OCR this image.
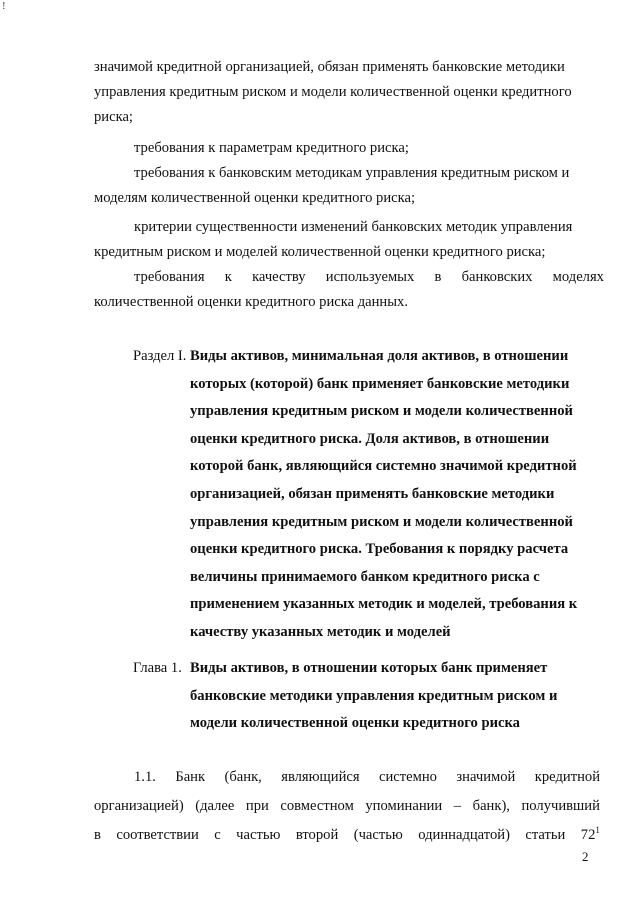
!
значимой кредитной организацией, обязан применять банковские методики
управления кредитным риском и модели количественной оценки кредитного
риска;
требования к параметрам кредитного риска;
требования к банковским методикам управления кредитным риском и
моделям количественной оценки кредитного риска;
критерии существенности изменений банковских методик управления
кредитным риском и моделей количественной оценки кредитного риска;
требования к качеству используемых в банковских моделях
количественной оценки кредитного риска данных.
Раздел I. Виды активов, минимальная доля активов, в отношении
которых (которой) банк применяет банковские методики
управления кредитным риском и модели количественной
оценки кредитного риска. Доля активов, в отношении
которой банк, являющийся системно значимой кредитной
организацией, обязан применять банковские методики
управления кредитным риском и модели количественной
оценки кредитного риска. Требования к порядку расчета
величины принимаемого банком кредитного риска с
применением указанных методик и моделей, требования к
качеству указанных методик и моделей
Глава 1. Виды активов, в отношении которых банк применяет
банковские методики управления кредитным риском и
модели количественной оценки кредитного риска
1.1. Банк (банк, являющийся системно значимой кредитной
организацией) (далее при совместном упоминании – банк), получивший
в соответствии с частью второй (частью одиннадцатой) статьи $72^1$
2
